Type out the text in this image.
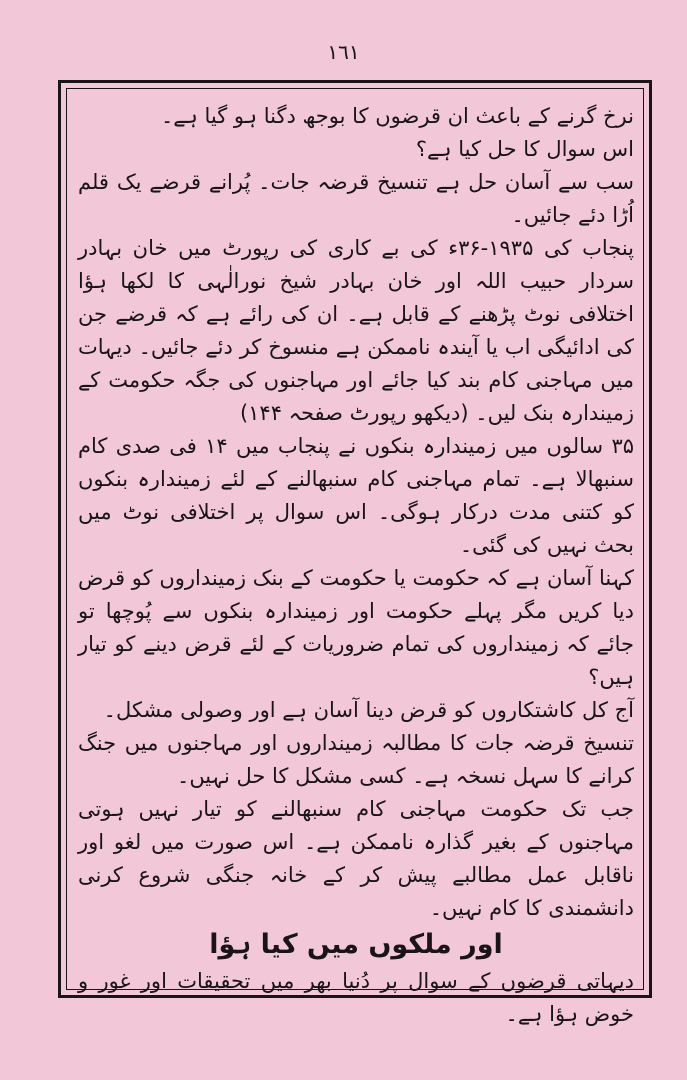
١٦١

نرخ گرنے کے باعث ان قرضوں کا بوجھ دگنا ہو گیا ہے۔

اس سوال کا حل کیا ہے؟

سب سے آسان حل ہے تنسیخ قرضہ جات۔ پُرانے قرضے یک قلم اُڑا دئے جائیں۔

پنجاب کی ۱۹۳۵-۳۶ء کی بے کاری کی رپورٹ میں خان بہادر سردار حبیب اللہ اور خان بہادر شیخ نورالٰہی کا لکھا ہؤا اختلافی نوٹ پڑھنے کے قابل ہے۔ ان کی رائے ہے کہ قرضے جن کی ادائیگی اب یا آیندہ ناممکن ہے منسوخ کر دئے جائیں۔ دیہات میں مہاجنی کام بند کیا جائے اور مہاجنوں کی جگہ حکومت کے زمیندارہ بنک لیں۔ (دیکھو رپورٹ صفحہ ۱۴۴)

۳۵ سالوں میں زمیندارہ بنکوں نے پنجاب میں ۱۴ فی صدی کام سنبھالا ہے۔ تمام مہاجنی کام سنبھالنے کے لئے زمیندارہ بنکوں کو کتنی مدت درکار ہوگی۔ اس سوال پر اختلافی نوٹ میں بحث نہیں کی گئی۔

کہنا آسان ہے کہ حکومت یا حکومت کے بنک زمینداروں کو قرض دیا کریں مگر پہلے حکومت اور زمیندارہ بنکوں سے پُوچھا تو جائے کہ زمینداروں کی تمام ضروریات کے لئے قرض دینے کو تیار ہیں؟

آج کل کاشتکاروں کو قرض دینا آسان ہے اور وصولی مشکل۔

تنسیخ قرضہ جات کا مطالبہ زمینداروں اور مہاجنوں میں جنگ کرانے کا سہل نسخہ ہے۔ کسی مشکل کا حل نہیں۔

جب تک حکومت مہاجنی کام سنبھالنے کو تیار نہیں ہوتی مہاجنوں کے بغیر گذارہ ناممکن ہے۔ اس صورت میں لغو اور ناقابل عمل مطالبے پیش کر کے خانہ جنگی شروع کرنی دانشمندی کا کام نہیں۔

اور ملکوں میں کیا ہؤا

دیہاتی قرضوں کے سوال پر دُنیا بھر میں تحقیقات اور غور و خوض ہؤا ہے۔
